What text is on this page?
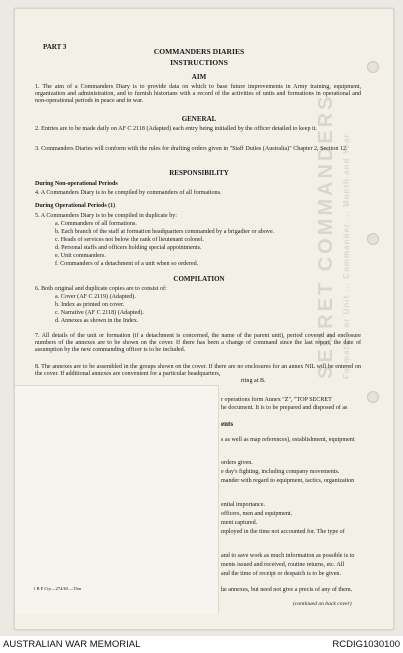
SECRET COMMANDERS Formation or Unit ... Commander ... Month and Year
PART 3	COMMANDERS DIARIES
INSTRUCTIONS
AIM
1. The aim of a Commanders Diary is to provide data on which to base future improvements in Army training, equipment, organization and administration, and to furnish historians with a record of the activities of units and formations in operational and non-operational periods in peace and in war.
GENERAL
2. Entries are to be made daily on AF C 2118 (Adapted) each entry being initialled by the officer detailed to keep it.
3. Commanders Diaries will conform with the rules for drafting orders given in "Staff Duties (Australia)" Chapter 2, Section 12.
RESPONSIBILITY
During Non-operational Periods
4. A Commanders Diary is to be compiled by commanders of all formations.
During Operational Periods (1)
5. A Commanders Diary is to be compiled in duplicate by:
a. Commanders of all formations.
b. Each branch of the staff at formation headquarters commanded by a brigadier or above.
c. Heads of services not below the rank of lieutenant colonel.
d. Personal staffs and officers holding special appointments.
e. Unit commanders.
f. Commanders of a detachment of a unit when so ordered.
COMPILATION
6. Both original and duplicate copies are to consist of:
a. Cover (AF C 2119) (Adapted).
b. Index as printed on cover.
c. Narrative (AF C 2118) (Adapted).
d. Annexes as shown in the Index.
7. All details of the unit or formation (if a detachment is concerned, the name of the parent unit), period covered and enclosure numbers of the annexes are to be shown on the cover. If there has been a change of command since the last report, the date of assumption by the new commanding officer is to be included.
8. The annexes are to be assembled in the groups shown on the cover. If there are no enclosures for an annex NIL will be entered on the cover. If additional annexes are convenient for a particular headquarters,
rting at B.
r operations form Annex "Z", "TOP SECRET
he document. It is to be prepared and disposed of as
ents
s as well as map references), establishment, equipment
orders given.
e day's fighting, including company movements.
mander with regard to equipment, tactics, organization
ential importance.
officers, men and equipment.
ment captured.
mployed in the time not accounted for. The type of
and to save work as much information as possible is to
ments issued and received, routine returns, etc. All
and the time of receipt or despatch is to be given.
he annexes, but need not give a precis of any of them.
(continued on back cover)
1 B F Cty—274/65—15m
AUSTRALIAN WAR MEMORIAL	RCDIG1030100
